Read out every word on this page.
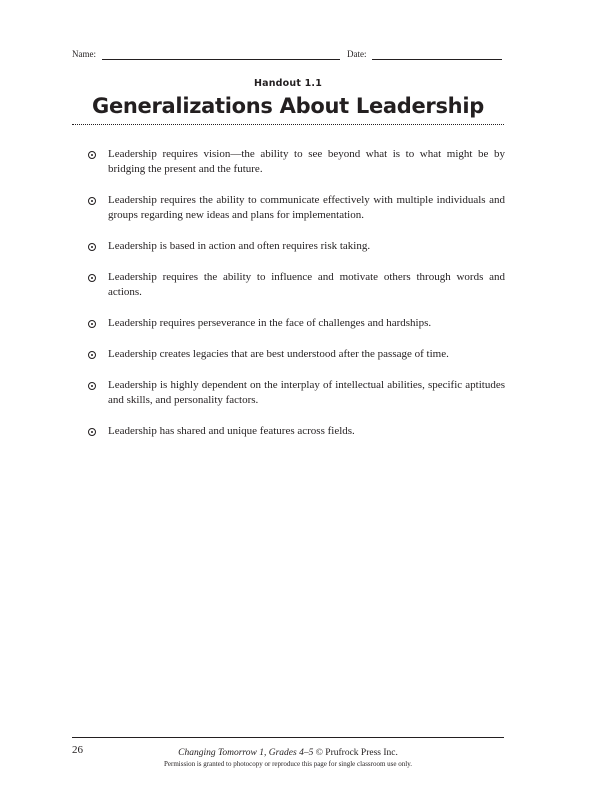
Name:	Date:
Handout 1.1
Generalizations About Leadership
Leadership requires vision—the ability to see beyond what is to what might be by bridging the present and the future.
Leadership requires the ability to communicate effectively with multiple individuals and groups regarding new ideas and plans for implementation.
Leadership is based in action and often requires risk taking.
Leadership requires the ability to influence and motivate others through words and actions.
Leadership requires perseverance in the face of challenges and hardships.
Leadership creates legacies that are best understood after the passage of time.
Leadership is highly dependent on the interplay of intellectual abilities, specific aptitudes and skills, and personality factors.
Leadership has shared and unique features across fields.
26	Changing Tomorrow 1, Grades 4–5 © Prufrock Press Inc.
Permission is granted to photocopy or reproduce this page for single classroom use only.
